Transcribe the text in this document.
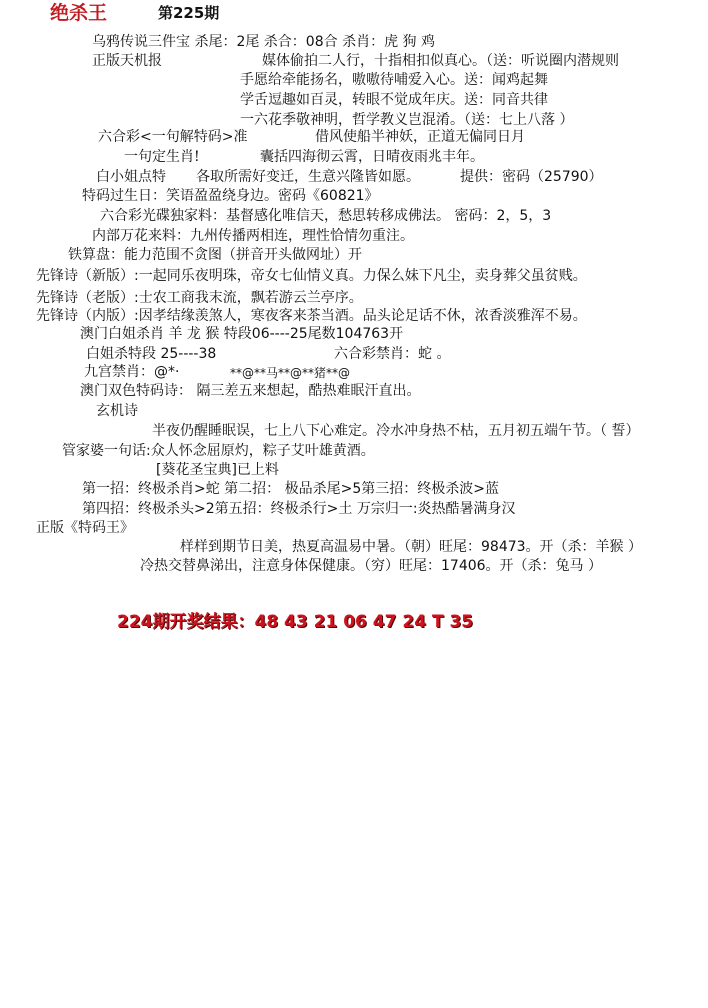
绝杀王	第225期
乌鸦传说三件宝 杀尾：2尾 杀合：08合 杀肖：虎 狗 鸡
正版天机报	媒体偷拍二人行，十指相扣似真心。（送：听说圈内潜规则
手愿给牵能扬名，嗷嗷待哺爱入心。送：闻鸡起舞
学舌逗趣如百灵，转眼不觉成年庆。送：同音共律
一六花季敬神明，哲学教义岂混淆。（送：七上八落 ）
六合彩<一句解特码>准	借风使船半神妖，正道无偏同日月
一句定生肖!	囊括四海彻云霄，日晴夜雨兆丰年。
白小姐点特 各取所需好变迁，生意兴隆皆如愿。	提供：密码（25790）
特码过生日：笑语盈盈绕身边。密码《60821》
六合彩光碟独家料：基督感化唯信天，愁思转移成佛法。 密码：2，5，3
内部万花来料：九州传播两相连，理性恰情勿重注。
铁算盘：能力范围不贪图（拼音开头做网址）开
先锋诗（新版）:一起同乐夜明珠，帝女七仙情义真。力保么妹下凡尘，卖身葬父虽贫贱。
先锋诗（老版）:士农工商我末流，飘若游云兰亭序。
先锋诗（内版）:因孝结缘羡煞人，寒夜客来茶当酒。品头论足话不休，浓香淡雅浑不易。
澳门白姐杀肖 羊 龙 猴 特段06----25尾数104763开
白姐杀特段 25----38	六合彩禁肖：蛇 。
九宫禁肖：@*·	**@**马**@**猪**@
澳门双色特码诗： 隔三差五来想起，酷热难眠汗直出。
玄机诗
半夜仍醒睡眠误，七上八下心难定。冷水冲身热不枯，五月初五端午节。（ 誓）
管家婆一句话:众人怀念屈原灼，粽子艾叶雄黄酒。
[葵花圣宝典]已上料
第一招：终极杀肖>蛇 第二招： 极品杀尾>5第三招：终极杀波>蓝
第四招：终极杀头>2第五招：终极杀行>土 万宗归一:炎热酷暑满身汉
正版《特码王》
样样到期节日美，热夏高温易中暑。（朝）旺尾：98473。开（杀：羊猴 ）
冷热交替鼻涕出，注意身体保健康。（穷）旺尾：17406。开（杀：兔马 ）
224期开奖结果：48 43 21 06 47 24 T 35
